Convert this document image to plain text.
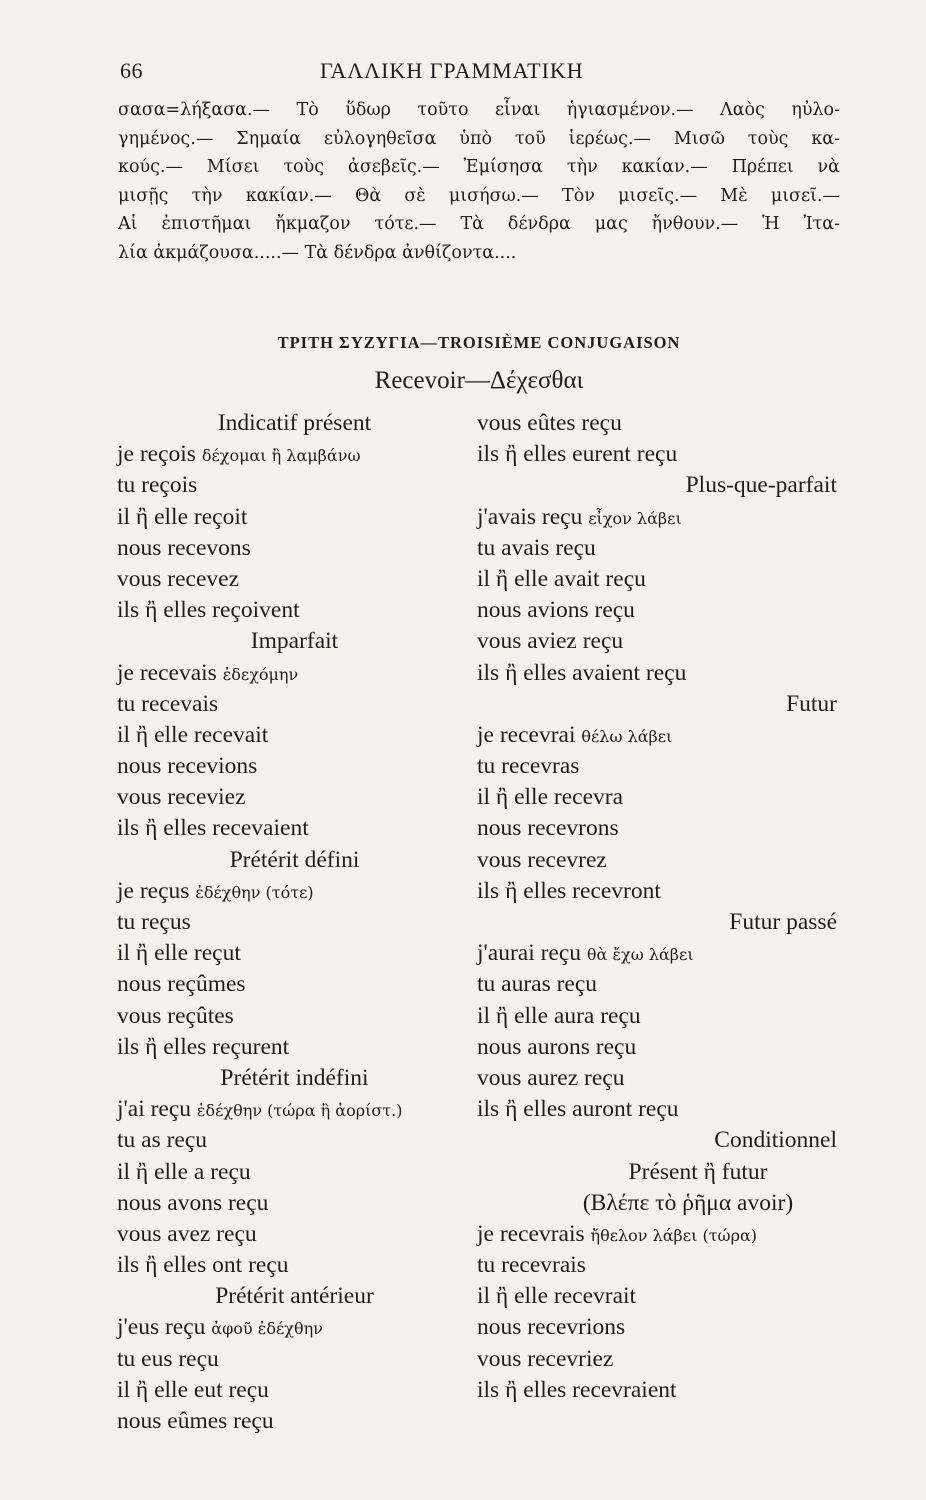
66	ΓΑΛΛΙΚΗ ΓΡΑΜΜΑΤΙΚΗ
σασα=λήξασα.— Τὸ ὕδωρ τοῦτο εἶναι ἡγιασμένον.— Λαὸς ηὐλο-
γημένος.— Σημαία εὐλογηθεῖσα ὑπὸ τοῦ ἱερέως.— Μισῶ τοὺς κα-
κούς.— Μίσει τοὺς ἀσεβεῖς.— Ἐμίσησα τὴν κακίαν.— Πρέπει νὰ
μισῇς τὴν κακίαν.— Θὰ σὲ μισήσω.— Τὸν μισεῖς.— Μὲ μισεῖ.—
Αἱ ἐπιστῆμαι ἤκμαζον τότε.— Τὰ δένδρα μας ἤνθουν.— Ἡ Ἰτα-
λία ἀκμάζουσα.....— Τὰ δένδρα ἀνθίζοντα....
ΤΡΙΤΗ ΣΥΖΥΓΙΑ—TROISIÈME CONJUGAISON
Recevoir—Δέχεσθαι
Indicatif présent
je reçois δέχομαι ἢ λαμβάνω
tu reçois
il ἢ elle reçoit
nous recevons
vous recevez
ils ἢ elles reçoivent
Imparfait
je recevais ἐδεχόμην
tu recevais
il ἢ elle recevait
nous recevions
vous receviez
ils ἢ elles recevaient
Prétérit défini
je reçus ἐδέχθην (τότε)
tu reçus
il ἢ elle reçut
nous reçûmes
vous reçûtes
ils ἢ elles reçurent
Prétérit indéfini
j'ai reçu ἐδέχθην (τώρα ἢ ἀορίστ.)
tu as reçu
il ἢ elle a reçu
nous avons reçu
vous avez reçu
ils ἢ elles ont reçu
Prétérit antérieur
j'eus reçu ἀφοῦ ἐδέχθην
tu eus reçu
il ἢ elle eut reçu
nous eûmes reçu
vous eûtes reçu
ils ἢ elles eurent reçu
Plus-que-parfait
j'avais reçu εἶχον λάβει
tu avais reçu
il ἢ elle avait reçu
nous avions reçu
vous aviez reçu
ils ἢ elles avaient reçu
Futur
je recevrai θέλω λάβει
tu recevras
il ἢ elle recevra
nous recevrons
vous recevrez
ils ἢ elles recevront
Futur passé
j'aurai reçu θὰ ἔχω λάβει
tu auras reçu
il ἢ elle aura reçu
nous aurons reçu
vous aurez reçu
ils ἢ elles auront reçu
Conditionnel
Présent ἢ futur
(Βλέπε τὸ ῥῆμα avoir)
je recevrais ἤθελον λάβει (τώρα)
tu recevrais
il ἢ elle recevrait
nous recevrions
vous recevriez
ils ἢ elles recevraient
